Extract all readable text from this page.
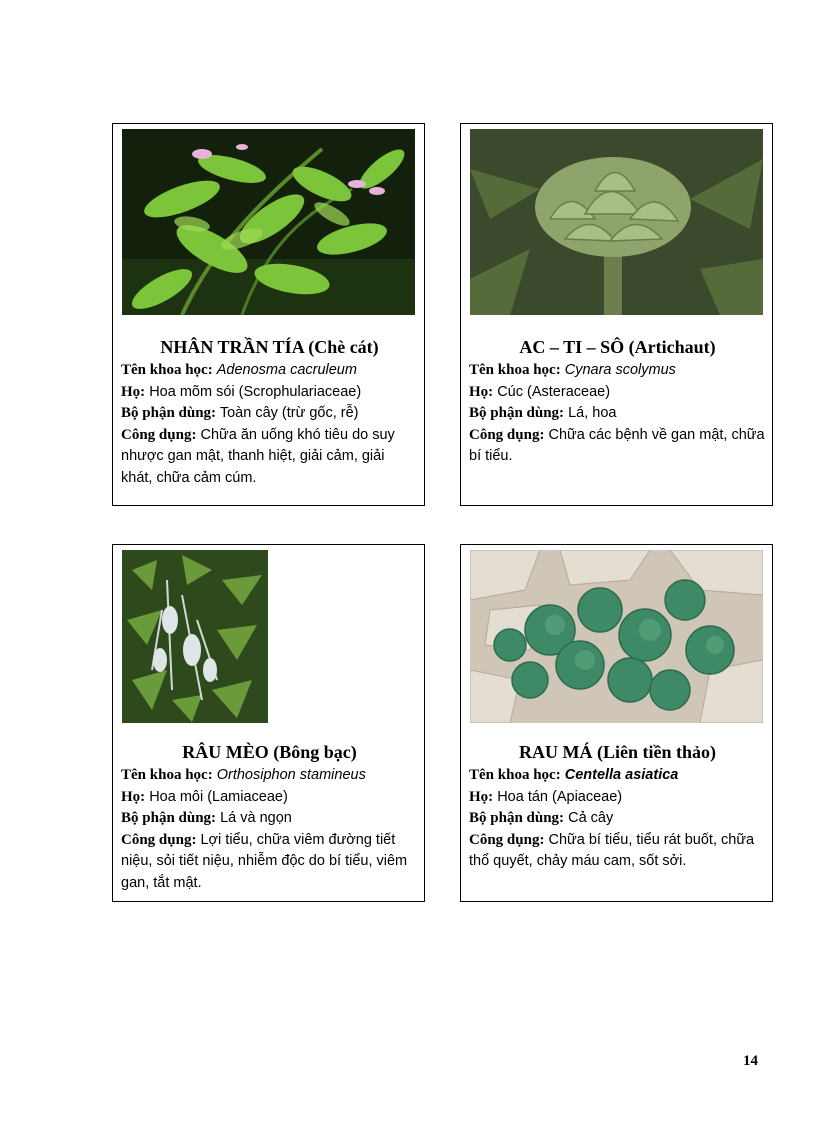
NHÂN TRẦN TÍA (Chè cát)
Tên khoa học: Adenosma cacruleum
Họ: Hoa mõm sói (Scrophulariaceae)
Bộ phận dùng: Toàn cây (trừ gốc, rễ)
Công dụng: Chữa ăn uống khó tiêu do suy nhược gan mật, thanh hiệt, giải cảm, giải khát, chữa cảm cúm.
AC – TI – SÔ (Artichaut)
Tên khoa học: Cynara scolymus
Họ: Cúc (Asteraceae)
Bộ phận dùng: Lá, hoa
Công dụng: Chữa các bệnh về gan mật, chữa bí tiểu.
RÂU MÈO (Bông bạc)
Tên khoa học: Orthosiphon stamineus
Họ: Hoa môi (Lamiaceae)
Bộ phận dùng: Lá và ngọn
Công dụng: Lợi tiểu, chữa viêm đường tiết niệu, sỏi tiết niệu, nhiễm độc do bí tiểu, viêm gan, tắt mật.
RAU MÁ (Liên tiền thảo)
Tên khoa học: Centella asiatica
Họ: Hoa tán (Apiaceae)
Bộ phận dùng: Cả cây
Công dụng: Chữa bí tiểu, tiểu rát buốt, chữa thổ quyết, chảy máu cam, sốt sởi.
14
